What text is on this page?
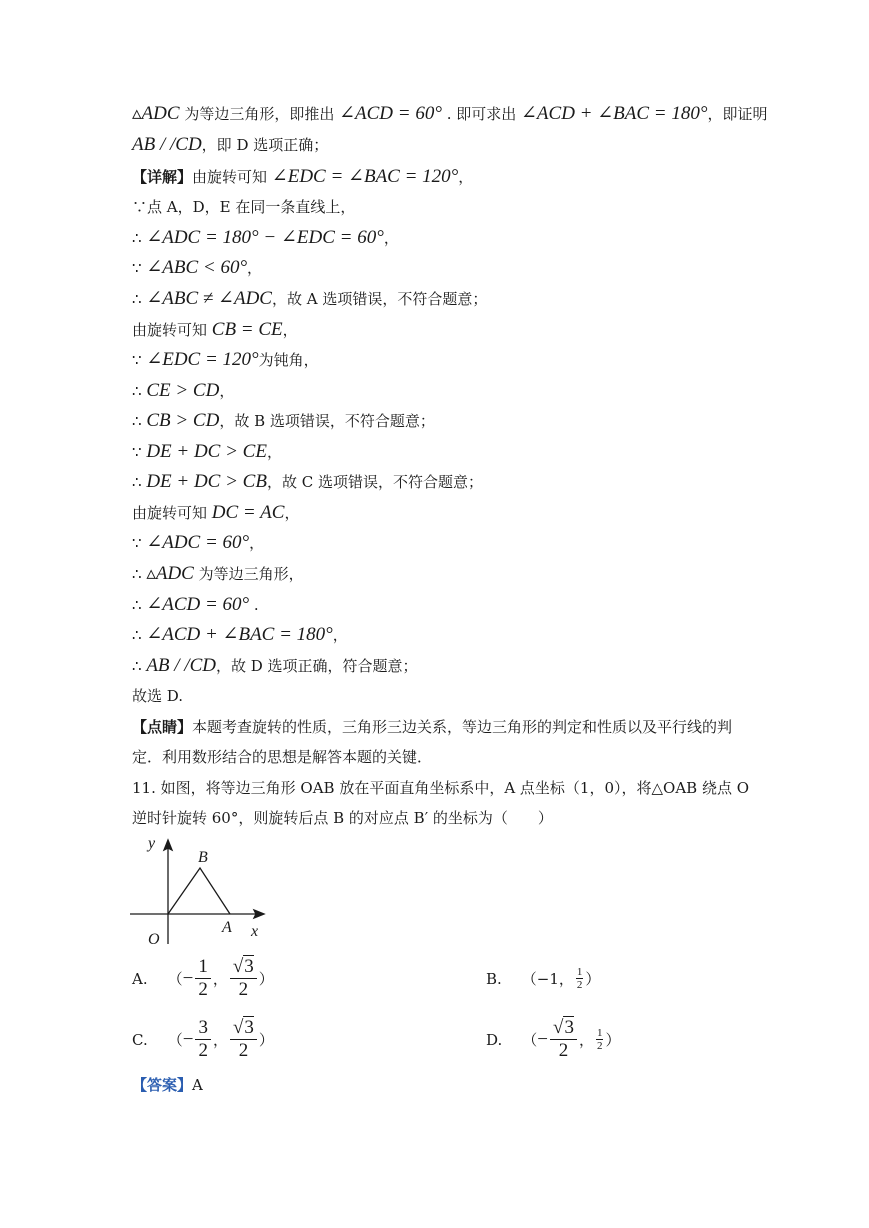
▵ADC 为等边三角形，即推出 ∠ACD = 60° . 即可求出 ∠ACD + ∠BAC = 180°，即证明
AB / /CD，即 D 选项正确；
【详解】由旋转可知 ∠EDC = ∠BAC = 120°，
∵点 A，D，E 在同一条直线上，
∴ ∠ADC = 180° − ∠EDC = 60°，
∵ ∠ABC < 60°，
∴ ∠ABC ≠ ∠ADC，故 A 选项错误，不符合题意；
由旋转可知 CB = CE，
∵ ∠EDC = 120°为钝角，
∴ CE > CD，
∴ CB > CD，故 B 选项错误，不符合题意；
∵ DE + DC > CE，
∴ DE + DC > CB，故 C 选项错误，不符合题意；
由旋转可知 DC = AC，
∵ ∠ADC = 60°，
∴ ▵ADC 为等边三角形，
∴ ∠ACD = 60° .
∴ ∠ACD + ∠BAC = 180°，
∴ AB / /CD，故 D 选项正确，符合题意；
故选 D.
【点睛】本题考查旋转的性质，三角形三边关系，等边三角形的判定和性质以及平行线的判
定．利用数形结合的思想是解答本题的关键．
11. 如图，将等边三角形 OAB 放在平面直角坐标系中，A 点坐标（1，0），将△OAB 绕点 O
逆时针旋转 60°，则旋转后点 B 的对应点 B′ 的坐标为（　　）
y
B
O
A x
A. （ − $\frac{1}{2}$ ， $\frac{√3}{2}$ ）	B. （−1， $\frac{1}{2}$ ）
C. （ − $\frac{3}{2}$ ， $\frac{√3}{2}$ ）	D. （ − $\frac{√3}{2}$ ， $\frac{1}{2}$ ）
【答案】A
